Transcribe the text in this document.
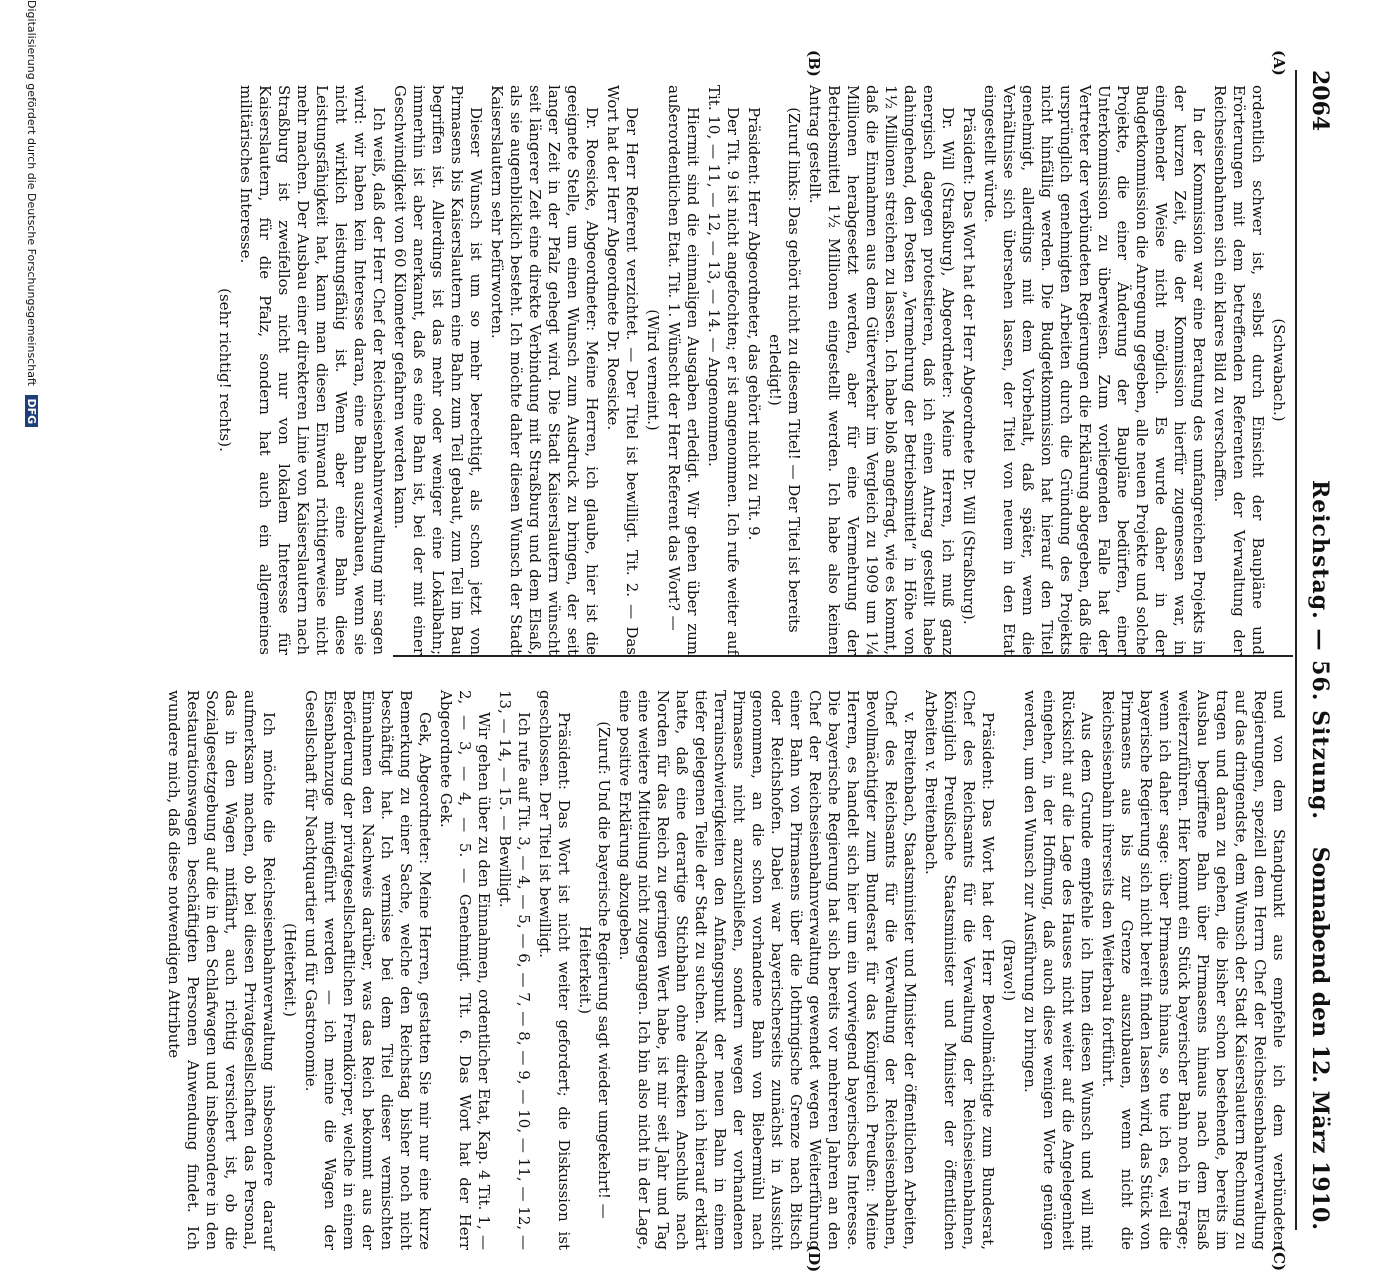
2064
Reichstag. — 56. Sitzung.
Sonnabend den 12. März 1910.
(A)
(B)
(C)
(D)

(Schwabach.)

ordentlich schwer ist, selbst durch Einsicht der Baupläne und Erörterungen mit dem betreffenden Referenten der Verwaltung der Reichseisenbahnen sich ein klares Bild zu verschaffen.

In der Kommission war eine Beratung des umfangreichen Projekts in der kurzen Zeit, die der Kommission hierfür zugemessen war, in eingehender Weise nicht möglich. Es wurde daher in der Budgetkommission die Anregung gegeben, alle neuen Projekte und solche Projekte, die einer Änderung der Baupläne bedürfen, einer Unterkommission zu überweisen. Zum vorliegenden Falle hat der Vertreter der verbündeten Regierungen die Erklärung abgegeben, daß die ursprünglich genehmigten Arbeiten durch die Gründung des Projekts nicht hinfällig werden. Die Budgetkommission hat hierauf den Titel genehmigt, allerdings mit dem Vorbehalt, daß später, wenn die Verhältnisse sich übersehen lassen, der Titel von neuem in den Etat eingestellt würde.

Präsident: Das Wort hat der Herr Abgeordnete Dr. Will (Straßburg).

Dr. Will (Straßburg), Abgeordneter: Meine Herren, ich muß ganz energisch dagegen protestieren, daß ich einen Antrag gestellt habe dahingehend, den Posten „Vermehrung der Betriebsmittel“ in Höhe von 1½ Millionen streichen zu lassen. Ich habe bloß angefragt, wie es kommt, daß die Einnahmen aus dem Güterverkehr im Vergleich zu 1909 um 1¼ Millionen herabgesetzt werden, aber für eine Vermehrung der Betriebsmittel 1½ Millionen eingestellt werden. Ich habe also keinen Antrag gestellt.

(Zuruf links: Das gehört nicht zu diesem Titel! — Der Titel ist bereits erledigt!)

Präsident: Herr Abgeordneter, das gehört nicht zu Tit. 9.

Der Tit. 9 ist nicht angefochten; er ist angenommen. Ich rufe weiter auf Tit. 10, — 11, — 12, — 13, — 14. — Angenommen.

Hiermit sind die einmaligen Ausgaben erledigt. Wir gehen über zum außerordentlichen Etat. Tit. 1. Wünscht der Herr Referent das Wort? —

(Wird verneint.)

Der Herr Referent verzichtet. — Der Titel ist bewilligt. Tit. 2. — Das Wort hat der Herr Abgeordnete Dr. Roesicke.

Dr. Roesicke, Abgeordneter: Meine Herren, ich glaube, hier ist die geeignete Stelle, um einen Wunsch zum Ausdruck zu bringen, der seit langer Zeit in der Pfalz gehegt wird. Die Stadt Kaiserslautern wünscht seit längerer Zeit eine direkte Verbindung mit Straßburg und dem Elsaß, als sie augenblicklich besteht. Ich möchte daher diesen Wunsch der Stadt Kaiserslautern sehr befürworten.

Dieser Wunsch ist um so mehr berechtigt, als schon jetzt von Pirmasens bis Kaiserslautern eine Bahn zum Teil gebaut, zum Teil im Bau begriffen ist. Allerdings ist das mehr oder weniger eine Lokalbahn; immerhin ist aber anerkannt, daß es eine Bahn ist, bei der mit einer Geschwindigkeit von 60 Kilometer gefahren werden kann.

Ich weiß, daß der Herr Chef der Reichseisenbahnverwaltung mir sagen wird: wir haben kein Interesse daran, eine Bahn auszubauen, wenn sie nicht wirklich leistungsfähig ist. Wenn aber eine Bahn diese Leistungsfähigkeit hat, kann man diesen Einwand richtigerweise nicht mehr machen. Der Ausbau einer direkteren Linie von Kaiserslautern nach Straßburg ist zweifellos nicht nur von lokalem Interesse für Kaiserslautern, für die Pfalz, sondern hat auch ein allgemeines militärisches Interesse.

(sehr richtig! rechts).

und von dem Standpunkt aus empfehle ich dem verbündeten Regierungen, speziell dem Herrn Chef der Reichseisenbahnverwaltung auf das dringendste, dem Wunsch der Stadt Kaiserslautern Rechnung zu tragen und daran zu gehen, die bisher schon bestehende, bereits im Ausbau begriffene Bahn über Pirmasens hinaus nach dem Elsaß weiterzuführen. Hier kommt ein Stück bayerischer Bahn noch in Frage; wenn ich daher sage: über Pirmasens hinaus, so tue ich es, weil die bayerische Regierung sich nicht bereit finden lassen wird, das Stück von Pirmasens aus bis zur Grenze auszubauen, wenn nicht die Reichseisenbahn ihrerseits den Weiterbau fortführt.

Aus dem Grunde empfehle ich Ihnen diesen Wunsch und will mit Rücksicht auf die Lage des Hauses nicht weiter auf die Angelegenheit eingehen, in der Hoffnung, daß auch diese wenigen Worte genügen werden, um den Wunsch zur Ausführung zu bringen.

(Bravo!)

Präsident: Das Wort hat der Herr Bevollmächtigte zum Bundesrat, Chef des Reichsamts für die Verwaltung der Reichseisenbahnen, Königlich Preußische Staatsminister und Minister der öffentlichen Arbeiten v. Breitenbach.

v. Breitenbach, Staatsminister und Minister der öffentlichen Arbeiten, Chef des Reichsamts für die Verwaltung der Reichseisenbahnen, Bevollmächtigter zum Bundesrat für das Königreich Preußen: Meine Herren, es handelt sich hier um ein vorwiegend bayerisches Interesse. Die bayerische Regierung hat sich bereits vor mehreren Jahren an den Chef der Reichseisenbahnverwaltung gewendet wegen Weiterführung einer Bahn von Pirmasens über die lothringische Grenze nach Bitsch oder Reichshofen. Dabei war bayerischerseits zunächst in Aussicht genommen, an die schon vorhandene Bahn von Biebermühl nach Pirmasens nicht anzuschließen, sondern wegen der vorhandenen Terrainschwierigkeiten den Anfangspunkt der neuen Bahn in einem tiefer gelegenen Teile der Stadt zu suchen. Nachdem ich hierauf erklärt hatte, daß eine derartige Stichbahn ohne direkten Anschluß nach Norden für das Reich zu geringen Wert habe, ist mir seit Jahr und Tag eine weitere Mitteilung nicht zugegangen. Ich bin also nicht in der Lage, eine positive Erklärung abzugeben.

(Zuruf: Und die bayerische Regierung sagt wieder umgekehrt! — Heiterkeit.)

Präsident: Das Wort ist nicht weiter gefordert; die Diskussion ist geschlossen. Der Titel ist bewilligt.

Ich rufe auf Tit. 3, — 4, — 5, — 6, — 7, — 8, — 9, — 10, — 11, — 12, — 13, — 14, — 15. — Bewilligt.

Wir gehen über zu den Einnahmen, ordentlicher Etat, Kap. 4 Tit. 1, — 2, — 3, — 4, — 5. — Genehmigt. Tit. 6. Das Wort hat der Herr Abgeordnete Gek.

Gek, Abgeordneter: Meine Herren, gestatten Sie mir nur eine kurze Bemerkung zu einer Sache, welche den Reichstag bisher noch nicht beschäftigt hat. Ich vermisse bei dem Titel dieser vermischten Einnahmen den Nachweis darüber, was das Reich bekommt aus der Beförderung der privatgesellschaftlichen Fremdkörper, welche in einem Eisenbahnzuge mitgeführt werden — ich meine die Wagen der Gesellschaft für Nachtquartier und für Gastronomie.

(Heiterkeit.)

Ich möchte die Reichseisenbahnverwaltung insbesondere darauf aufmerksam machen, ob bei diesen Privatgesellschaften das Personal, das in den Wagen mitfährt, auch richtig versichert ist, ob die Sozialgesetzgebung auf die in den Schlafwagen und insbesondere in den Restaurationswagen beschäftigten Personen Anwendung findet. Ich wundere mich, daß diese notwendigen Attribute

Digitalisierung gefördert durch die Deutsche Forschungsgemeinschaft DFG
